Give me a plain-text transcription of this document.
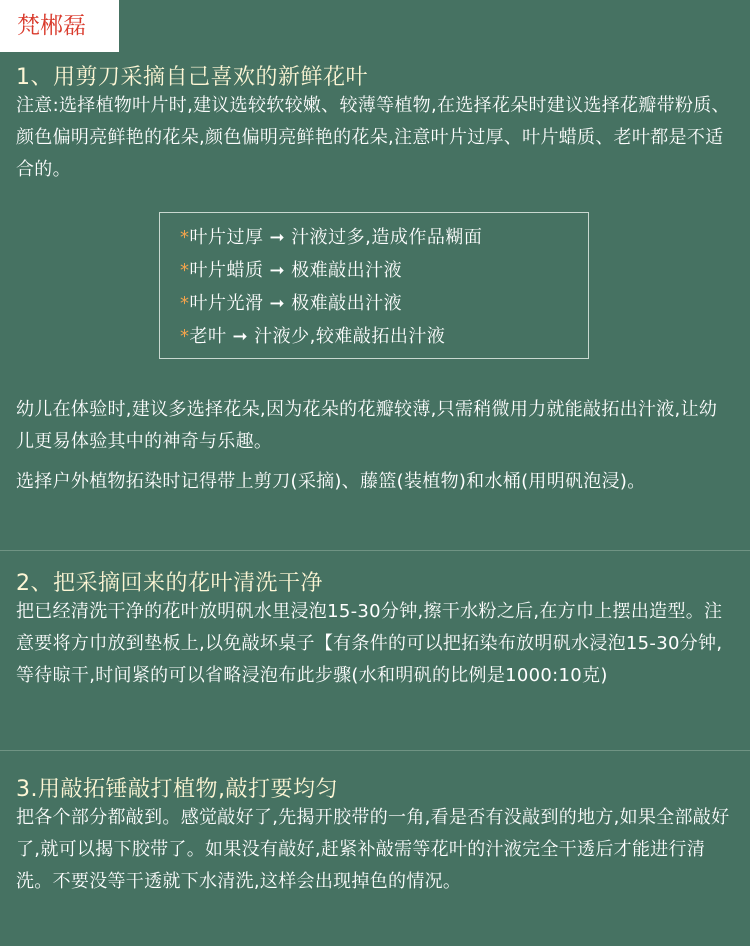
梵郴磊
1、用剪刀采摘自己喜欢的新鲜花叶
注意:选择植物叶片时,建议选较软较嫩、较薄等植物,在选择花朵时建议选择花瓣带粉质、颜色偏明亮鲜艳的花朵,颜色偏明亮鲜艳的花朵,注意叶片过厚、叶片蜡质、老叶都是不适合的。
*叶片过厚 ➞ 汁液过多,造成作品糊面
*叶片蜡质 ➞ 极难敲出汁液
*叶片光滑 ➞ 极难敲出汁液
*老叶 ➞ 汁液少,较难敲拓出汁液
幼儿在体验时,建议多选择花朵,因为花朵的花瓣较薄,只需稍微用力就能敲拓出汁液,让幼儿更易体验其中的神奇与乐趣。
选择户外植物拓染时记得带上剪刀(采摘)、藤篮(装植物)和水桶(用明矾泡浸)。
2、把采摘回来的花叶清洗干净
把已经清洗干净的花叶放明矾水里浸泡15-30分钟,擦干水粉之后,在方巾上摆出造型。注意要将方巾放到垫板上,以免敲坏桌子【有条件的可以把拓染布放明矾水浸泡15-30分钟,等待晾干,时间紧的可以省略浸泡布此步骤(水和明矾的比例是1000:10克)
3.用敲拓锤敲打植物,敲打要均匀
把各个部分都敲到。感觉敲好了,先揭开胶带的一角,看是否有没敲到的地方,如果全部敲好了,就可以揭下胶带了。如果没有敲好,赶紧补敲需等花叶的汁液完全干透后才能进行清洗。不要没等干透就下水清洗,这样会出现掉色的情况。
